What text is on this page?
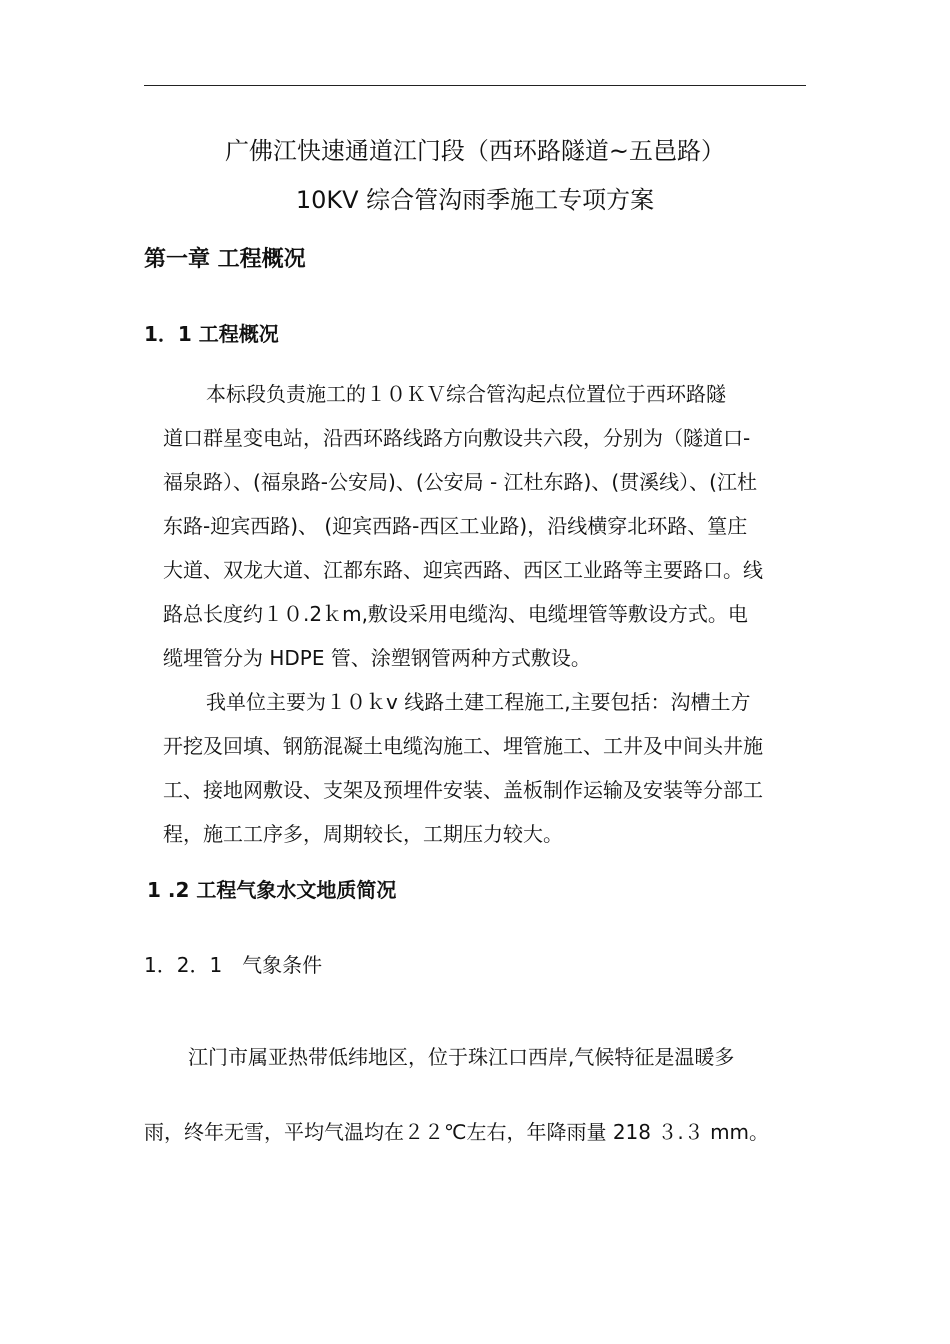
广佛江快速通道江门段（西环路隧道~五邑路）
10KV 综合管沟雨季施工专项方案
第一章 工程概况
1．1 工程概况
本标段负责施工的１０ＫＶ综合管沟起点位置位于西环路隧
道口群星变电站，沿西环路线路方向敷设共六段，分别为（隧道口-
福泉路）、(福泉路-公安局)、(公安局 - 江杜东路)、(贯溪线）、(江杜
东路-迎宾西路)、 (迎宾西路-西区工业路)，沿线横穿北环路、篁庄
大道、双龙大道、江都东路、迎宾西路、西区工业路等主要路口。线
路总长度约１０.2ｋm,敷设采用电缆沟、电缆埋管等敷设方式。电
缆埋管分为 HDPE 管、涂塑钢管两种方式敷设。
我单位主要为１０ｋv 线路土建工程施工,主要包括：沟槽土方
开挖及回填、钢筋混凝土电缆沟施工、埋管施工、工井及中间头井施
工、接地网敷设、支架及预埋件安装、盖板制作运输及安装等分部工
程，施工工序多，周期较长，工期压力较大。
1 .2 工程气象水文地质简况
1．2．1　气象条件
江门市属亚热带低纬地区，位于珠江口西岸,气候特征是温暖多
雨，终年无雪，平均气温均在２２℃左右，年降雨量 218 ３.３ mm。
